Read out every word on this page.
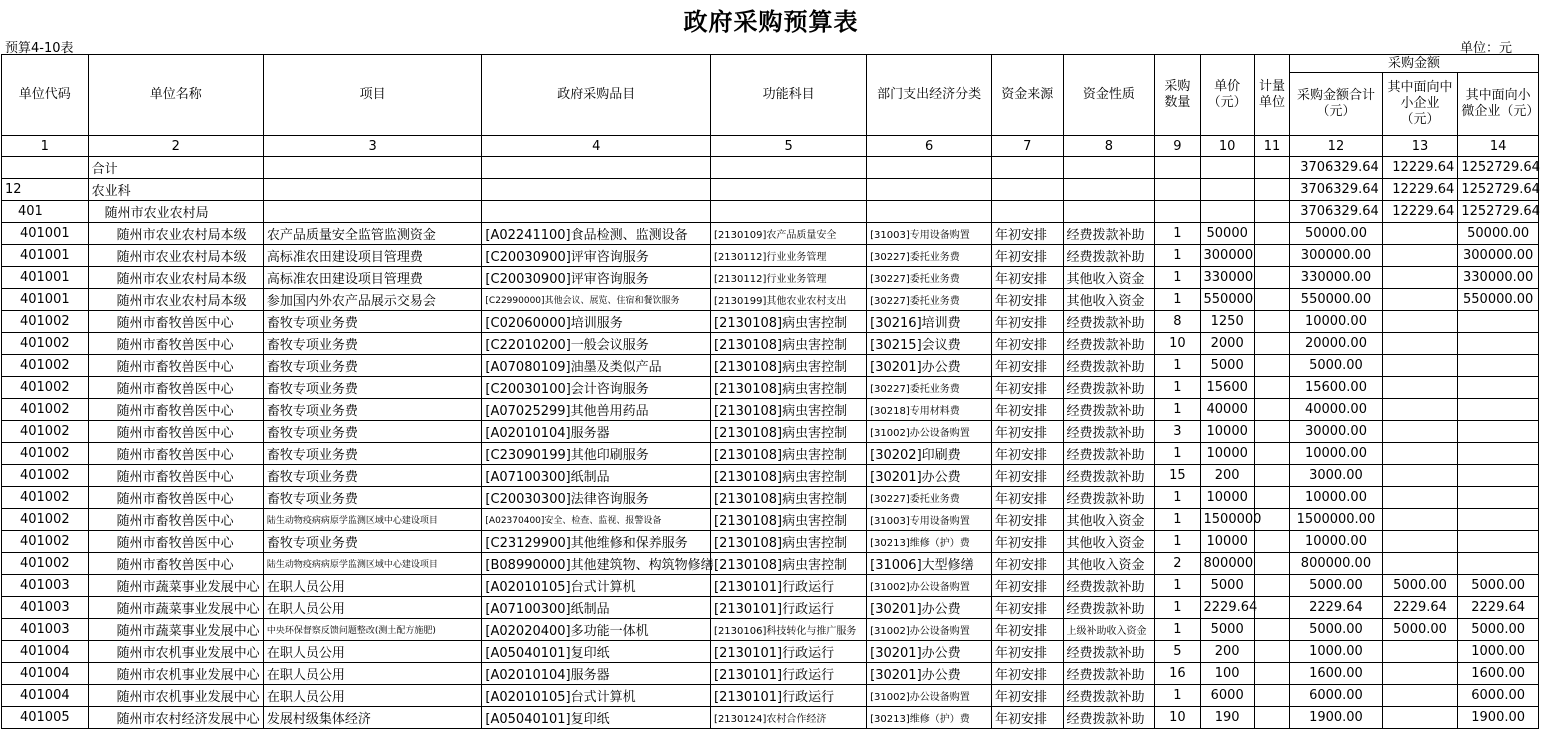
政府采购预算表
预算4-10表	单位：元
单位代码	单位名称	项目	政府采购品目	功能科目	部门支出经济分类	资金来源	资金性质	采购数量	单价（元）	计量单位	采购金额		
											采购金额合计（元）	其中面向中小企业（元）	其中面向小微企业（元）
1	2	3	4	5	6	7	8	9	10	11	12	13	14
	合计										3706329.64	12229.64	1252729.64
12	农业科										3706329.64	12229.64	1252729.64
401	随州市农业农村局										3706329.64	12229.64	1252729.64
401001	随州市农业农村局本级	农产品质量安全监管监测资金	[A02241100]食品检测、监测设备	[2130109]农产品质量安全	[31003]专用设备购置	年初安排	经费拨款补助	1	50000		50000.00		50000.00
401001	随州市农业农村局本级	高标准农田建设项目管理费	[C20030900]评审咨询服务	[2130112]行业业务管理	[30227]委托业务费	年初安排	经费拨款补助	1	300000		300000.00		300000.00
401001	随州市农业农村局本级	高标准农田建设项目管理费	[C20030900]评审咨询服务	[2130112]行业业务管理	[30227]委托业务费	年初安排	其他收入资金	1	330000		330000.00		330000.00
401001	随州市农业农村局本级	参加国内外农产品展示交易会	[C22990000]其他会议、展览、住宿和餐饮服务	[2130199]其他农业农村支出	[30227]委托业务费	年初安排	其他收入资金	1	550000		550000.00		550000.00
401002	随州市畜牧兽医中心	畜牧专项业务费	[C02060000]培训服务	[2130108]病虫害控制	[30216]培训费	年初安排	经费拨款补助	8	1250		10000.00		
401002	随州市畜牧兽医中心	畜牧专项业务费	[C22010200]一般会议服务	[2130108]病虫害控制	[30215]会议费	年初安排	经费拨款补助	10	2000		20000.00		
401002	随州市畜牧兽医中心	畜牧专项业务费	[A07080109]油墨及类似产品	[2130108]病虫害控制	[30201]办公费	年初安排	经费拨款补助	1	5000		5000.00		
401002	随州市畜牧兽医中心	畜牧专项业务费	[C20030100]会计咨询服务	[2130108]病虫害控制	[30227]委托业务费	年初安排	经费拨款补助	1	15600		15600.00		
401002	随州市畜牧兽医中心	畜牧专项业务费	[A07025299]其他兽用药品	[2130108]病虫害控制	[30218]专用材料费	年初安排	经费拨款补助	1	40000		40000.00		
401002	随州市畜牧兽医中心	畜牧专项业务费	[A02010104]服务器	[2130108]病虫害控制	[31002]办公设备购置	年初安排	经费拨款补助	3	10000		30000.00		
401002	随州市畜牧兽医中心	畜牧专项业务费	[C23090199]其他印刷服务	[2130108]病虫害控制	[30202]印刷费	年初安排	经费拨款补助	1	10000		10000.00		
401002	随州市畜牧兽医中心	畜牧专项业务费	[A07100300]纸制品	[2130108]病虫害控制	[30201]办公费	年初安排	经费拨款补助	15	200		3000.00		
401002	随州市畜牧兽医中心	畜牧专项业务费	[C20030300]法律咨询服务	[2130108]病虫害控制	[30227]委托业务费	年初安排	经费拨款补助	1	10000		10000.00		
401002	随州市畜牧兽医中心	陆生动物疫病病原学监测区域中心建设项目	[A02370400]安全、检查、监视、报警设备	[2130108]病虫害控制	[31003]专用设备购置	年初安排	其他收入资金	1	1500000		1500000.00		
401002	随州市畜牧兽医中心	畜牧专项业务费	[C23129900]其他维修和保养服务	[2130108]病虫害控制	[30213]维修（护）费	年初安排	其他收入资金	1	10000		10000.00		
401002	随州市畜牧兽医中心	陆生动物疫病病原学监测区域中心建设项目	[B08990000]其他建筑物、构筑物修缮	[2130108]病虫害控制	[31006]大型修缮	年初安排	其他收入资金	2	800000		800000.00		
401003	随州市蔬菜事业发展中心	在职人员公用	[A02010105]台式计算机	[2130101]行政运行	[31002]办公设备购置	年初安排	经费拨款补助	1	5000		5000.00	5000.00	5000.00
401003	随州市蔬菜事业发展中心	在职人员公用	[A07100300]纸制品	[2130101]行政运行	[30201]办公费	年初安排	经费拨款补助	1	2229.64		2229.64	2229.64	2229.64
401003	随州市蔬菜事业发展中心	中央环保督察反馈问题整改(测土配方施肥)	[A02020400]多功能一体机	[2130106]科技转化与推广服务	[31002]办公设备购置	年初安排	上级补助收入资金	1	5000		5000.00	5000.00	5000.00
401004	随州市农机事业发展中心	在职人员公用	[A05040101]复印纸	[2130101]行政运行	[30201]办公费	年初安排	经费拨款补助	5	200		1000.00		1000.00
401004	随州市农机事业发展中心	在职人员公用	[A02010104]服务器	[2130101]行政运行	[30201]办公费	年初安排	经费拨款补助	16	100		1600.00		1600.00
401004	随州市农机事业发展中心	在职人员公用	[A02010105]台式计算机	[2130101]行政运行	[31002]办公设备购置	年初安排	经费拨款补助	1	6000		6000.00		6000.00
401005	随州市农村经济发展中心	发展村级集体经济	[A05040101]复印纸	[2130124]农村合作经济	[30213]维修（护）费	年初安排	经费拨款补助	10	190		1900.00		1900.00
